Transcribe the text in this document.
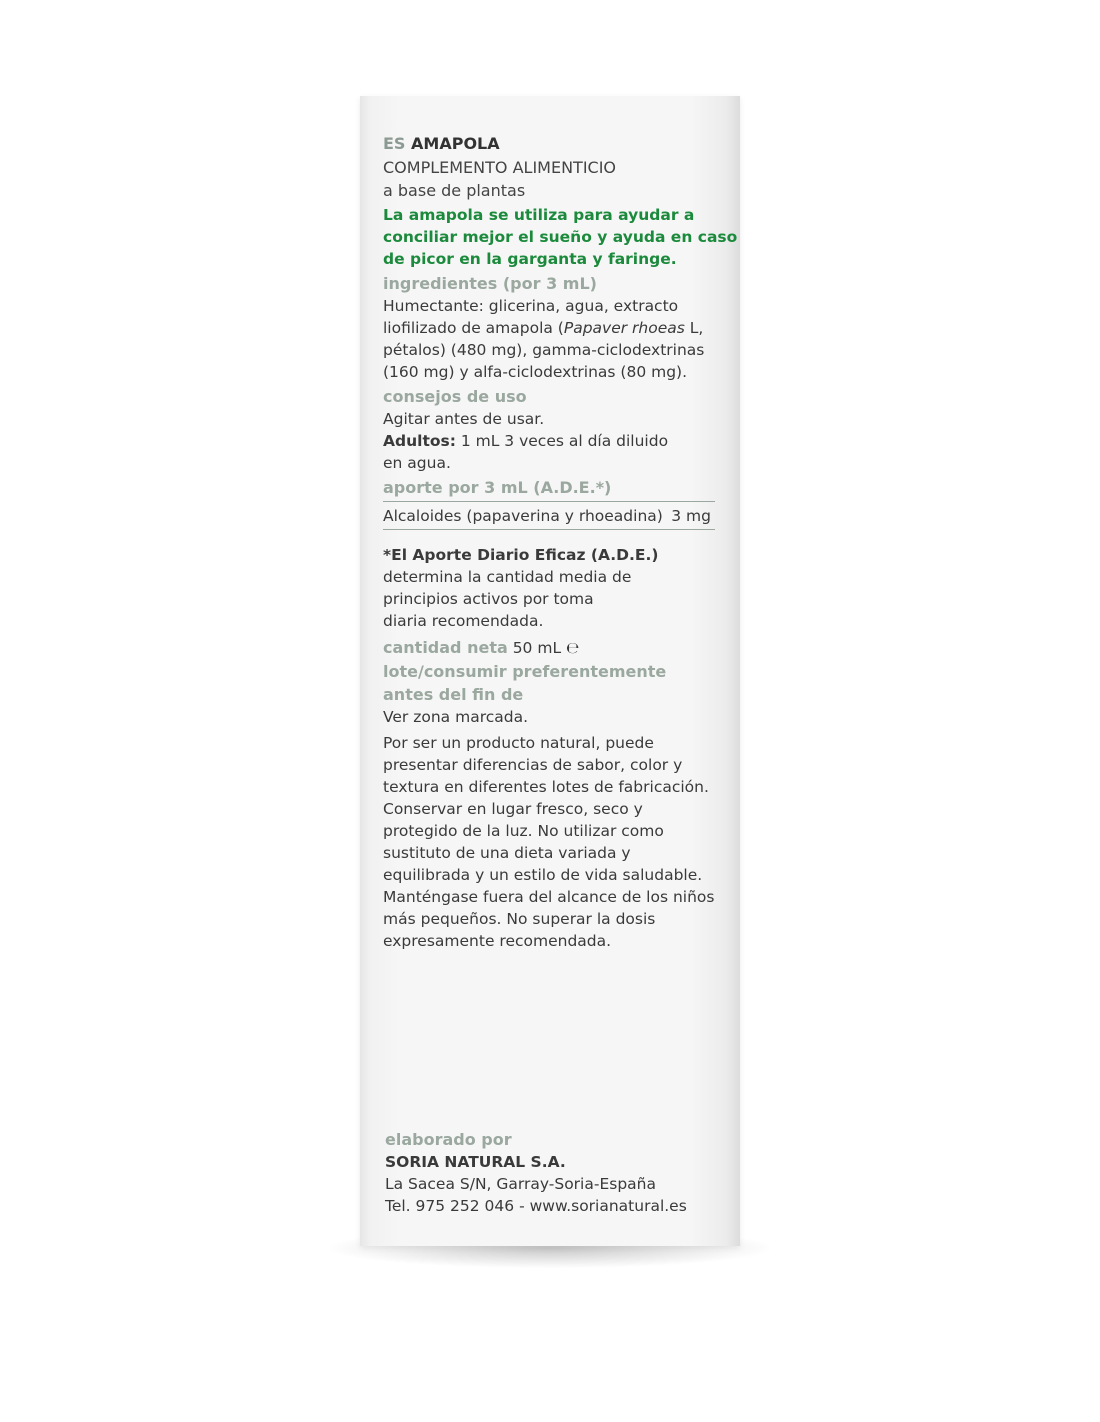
ES AMAPOLA

COMPLEMENTO ALIMENTICIO

a base de plantas

La amapola se utiliza para ayudar a

conciliar mejor el sueño y ayuda en caso

de picor en la garganta y faringe.

ingredientes (por 3 mL)

Humectante: glicerina, agua, extracto

liofilizado de amapola (Papaver rhoeas L,

pétalos) (480 mg), gamma-ciclodextrinas

(160 mg) y alfa-ciclodextrinas (80 mg).

consejos de uso

Agitar antes de usar.

Adultos: 1 mL 3 veces al día diluido

en agua.

aporte por 3 mL (A.D.E.*)

Alcaloides (papaverina y rhoeadina) 3 mg

*El Aporte Diario Eficaz (A.D.E.)

determina la cantidad media de

principios activos por toma

diaria recomendada.

cantidad neta 50 mL ℮

lote/consumir preferentemente

antes del fin de

Ver zona marcada.

Por ser un producto natural, puede

presentar diferencias de sabor, color y

textura en diferentes lotes de fabricación.

Conservar en lugar fresco, seco y

protegido de la luz. No utilizar como

sustituto de una dieta variada y

equilibrada y un estilo de vida saludable.

Manténgase fuera del alcance de los niños

más pequeños. No superar la dosis

expresamente recomendada.

elaborado por

SORIA NATURAL S.A.

La Sacea S/N, Garray-Soria-España

Tel. 975 252 046 - www.sorianatural.es
